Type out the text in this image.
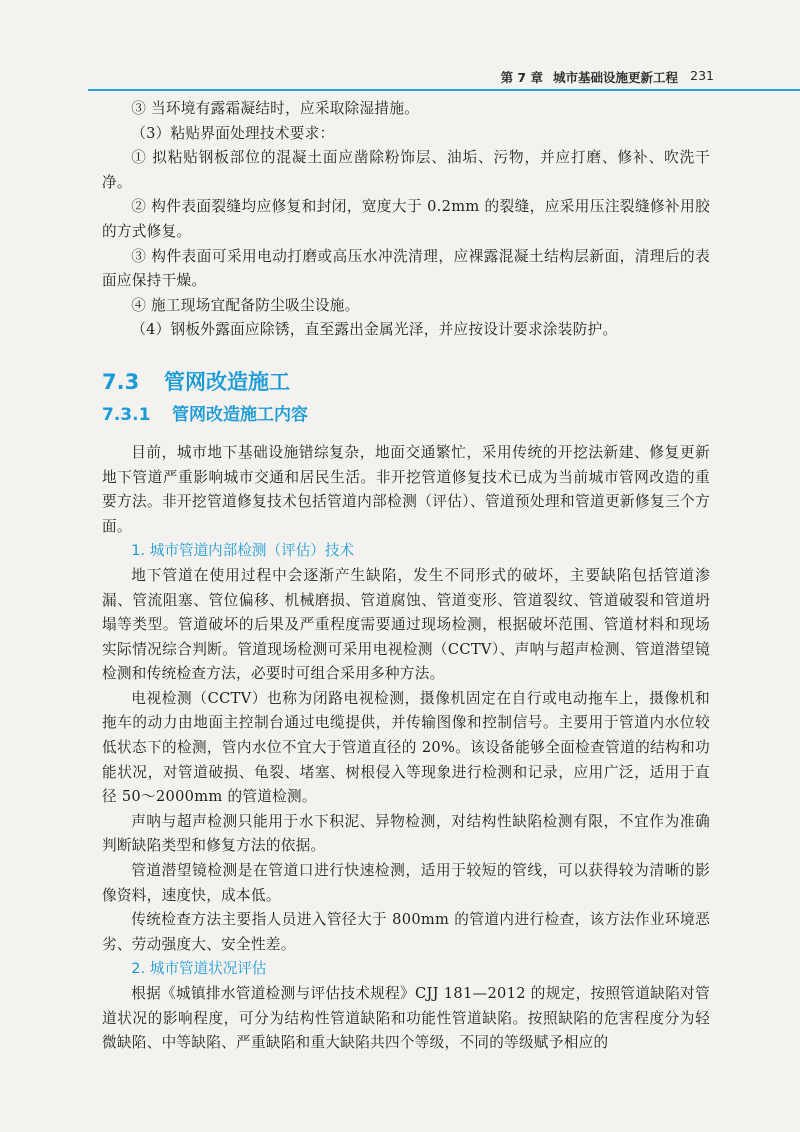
第 7 章 城市基础设施更新工程 231

③ 当环境有露霜凝结时，应采取除湿措施。

（3）粘贴界面处理技术要求：

① 拟粘贴钢板部位的混凝土面应凿除粉饰层、油垢、污物，并应打磨、修补、吹洗干净。

② 构件表面裂缝均应修复和封闭，宽度大于 0.2mm 的裂缝，应采用压注裂缝修补用胶的方式修复。

③ 构件表面可采用电动打磨或高压水冲洗清理，应裸露混凝土结构层新面，清理后的表面应保持干燥。

④ 施工现场宜配备防尘吸尘设施。

（4）钢板外露面应除锈，直至露出金属光泽，并应按设计要求涂装防护。

7.3 管网改造施工
7.3.1 管网改造施工内容

目前，城市地下基础设施错综复杂，地面交通繁忙，采用传统的开挖法新建、修复更新地下管道严重影响城市交通和居民生活。非开挖管道修复技术已成为当前城市管网改造的重要方法。非开挖管道修复技术包括管道内部检测（评估）、管道预处理和管道更新修复三个方面。

1. 城市管道内部检测（评估）技术

地下管道在使用过程中会逐渐产生缺陷，发生不同形式的破坏，主要缺陷包括管道渗漏、管流阻塞、管位偏移、机械磨损、管道腐蚀、管道变形、管道裂纹、管道破裂和管道坍塌等类型。管道破坏的后果及严重程度需要通过现场检测，根据破坏范围、管道材料和现场实际情况综合判断。管道现场检测可采用电视检测（CCTV）、声呐与超声检测、管道潜望镜检测和传统检查方法，必要时可组合采用多种方法。

电视检测（CCTV）也称为闭路电视检测，摄像机固定在自行或电动拖车上，摄像机和拖车的动力由地面主控制台通过电缆提供，并传输图像和控制信号。主要用于管道内水位较低状态下的检测，管内水位不宜大于管道直径的 20%。该设备能够全面检查管道的结构和功能状况，对管道破损、龟裂、堵塞、树根侵入等现象进行检测和记录，应用广泛，适用于直径 50～2000mm 的管道检测。

声呐与超声检测只能用于水下积泥、异物检测，对结构性缺陷检测有限，不宜作为准确判断缺陷类型和修复方法的依据。

管道潜望镜检测是在管道口进行快速检测，适用于较短的管线，可以获得较为清晰的影像资料，速度快，成本低。

传统检查方法主要指人员进入管径大于 800mm 的管道内进行检查，该方法作业环境恶劣、劳动强度大、安全性差。

2. 城市管道状况评估

根据《城镇排水管道检测与评估技术规程》CJJ 181—2012 的规定，按照管道缺陷对管道状况的影响程度，可分为结构性管道缺陷和功能性管道缺陷。按照缺陷的危害程度分为轻微缺陷、中等缺陷、严重缺陷和重大缺陷共四个等级，不同的等级赋予相应的
